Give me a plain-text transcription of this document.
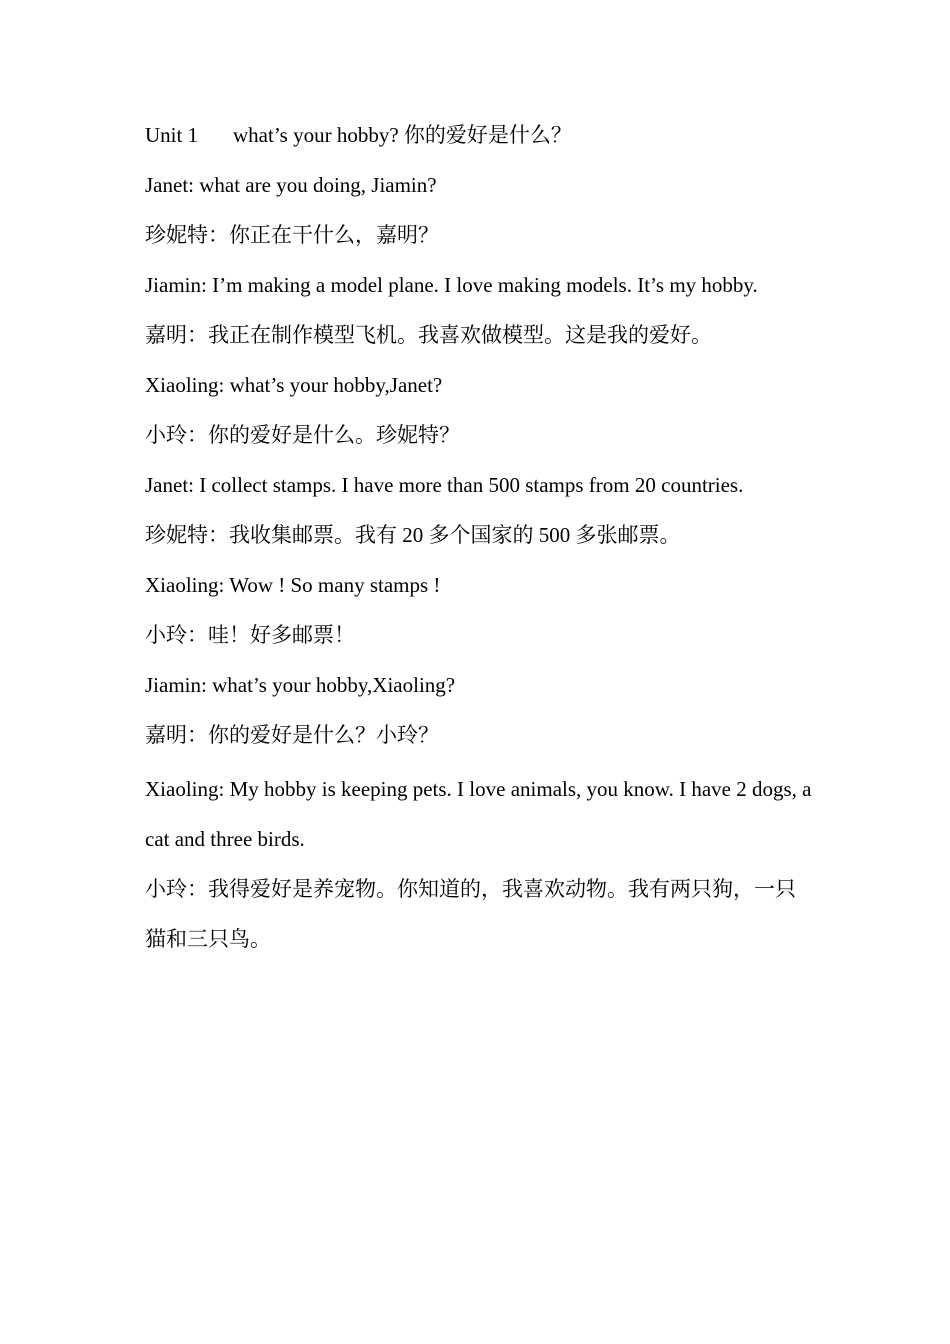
Unit 1 what’s your hobby? 你的爱好是什么？
Janet: what are you doing, Jiamin?
珍妮特：你正在干什么，嘉明？
Jiamin: I’m making a model plane. I love making models. It’s my hobby.
嘉明：我正在制作模型飞机。我喜欢做模型。这是我的爱好。
Xiaoling: what’s your hobby,Janet?
小玲：你的爱好是什么。珍妮特？
Janet: I collect stamps. I have more than 500 stamps from 20 countries.
珍妮特：我收集邮票。我有 20 多个国家的 500 多张邮票。
Xiaoling: Wow ! So many stamps !
小玲：哇！好多邮票！
Jiamin: what’s your hobby,Xiaoling?
嘉明：你的爱好是什么？小玲？
Xiaoling: My hobby is keeping pets. I love animals, you know. I have 2 dogs, a cat and three birds.
小玲：我得爱好是养宠物。你知道的，我喜欢动物。我有两只狗，一只猫和三只鸟。
